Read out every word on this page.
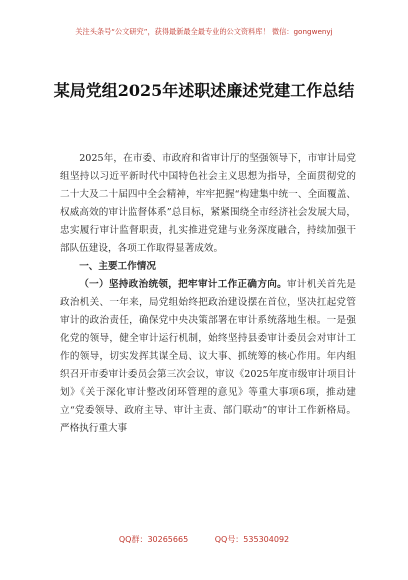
关注头条号“公文研究”，获得最新最全最专业的公文资料库！ 微信：gongwenyj
某局党组2025年述职述廉述党建工作总结

2025年，在市委、市政府和省审计厅的坚强领导下，市审计局党组坚持以习近平新时代中国特色社会主义思想为指导，全面贯彻党的二十大及二十届四中全会精神，牢牢把握“构建集中统一、全面覆盖、权威高效的审计监督体系”总目标，紧紧围绕全市经济社会发展大局，忠实履行审计监督职责，扎实推进党建与业务深度融合，持续加强干部队伍建设，各项工作取得显著成效。

一、主要工作情况

（一）坚持政治统领，把牢审计工作正确方向。审计机关首先是政治机关、一年来，局党组始终把政治建设摆在首位，坚决扛起党管审计的政治责任，确保党中央决策部署在审计系统落地生根。一是强化党的领导，健全审计运行机制，始终坚持县委审计委员会对审计工作的领导，切实发挥其谋全局、议大事、抓统筹的核心作用。年内组织召开市委审计委员会第三次会议，审议《2025年度市级审计项目计划》《关于深化审计整改闭环管理的意见》等重大事项6项，推动建立“党委领导、政府主导、审计主责、部门联动”的审计工作新格局。严格执行重大事

QQ群：30265665	QQ号：535304092
